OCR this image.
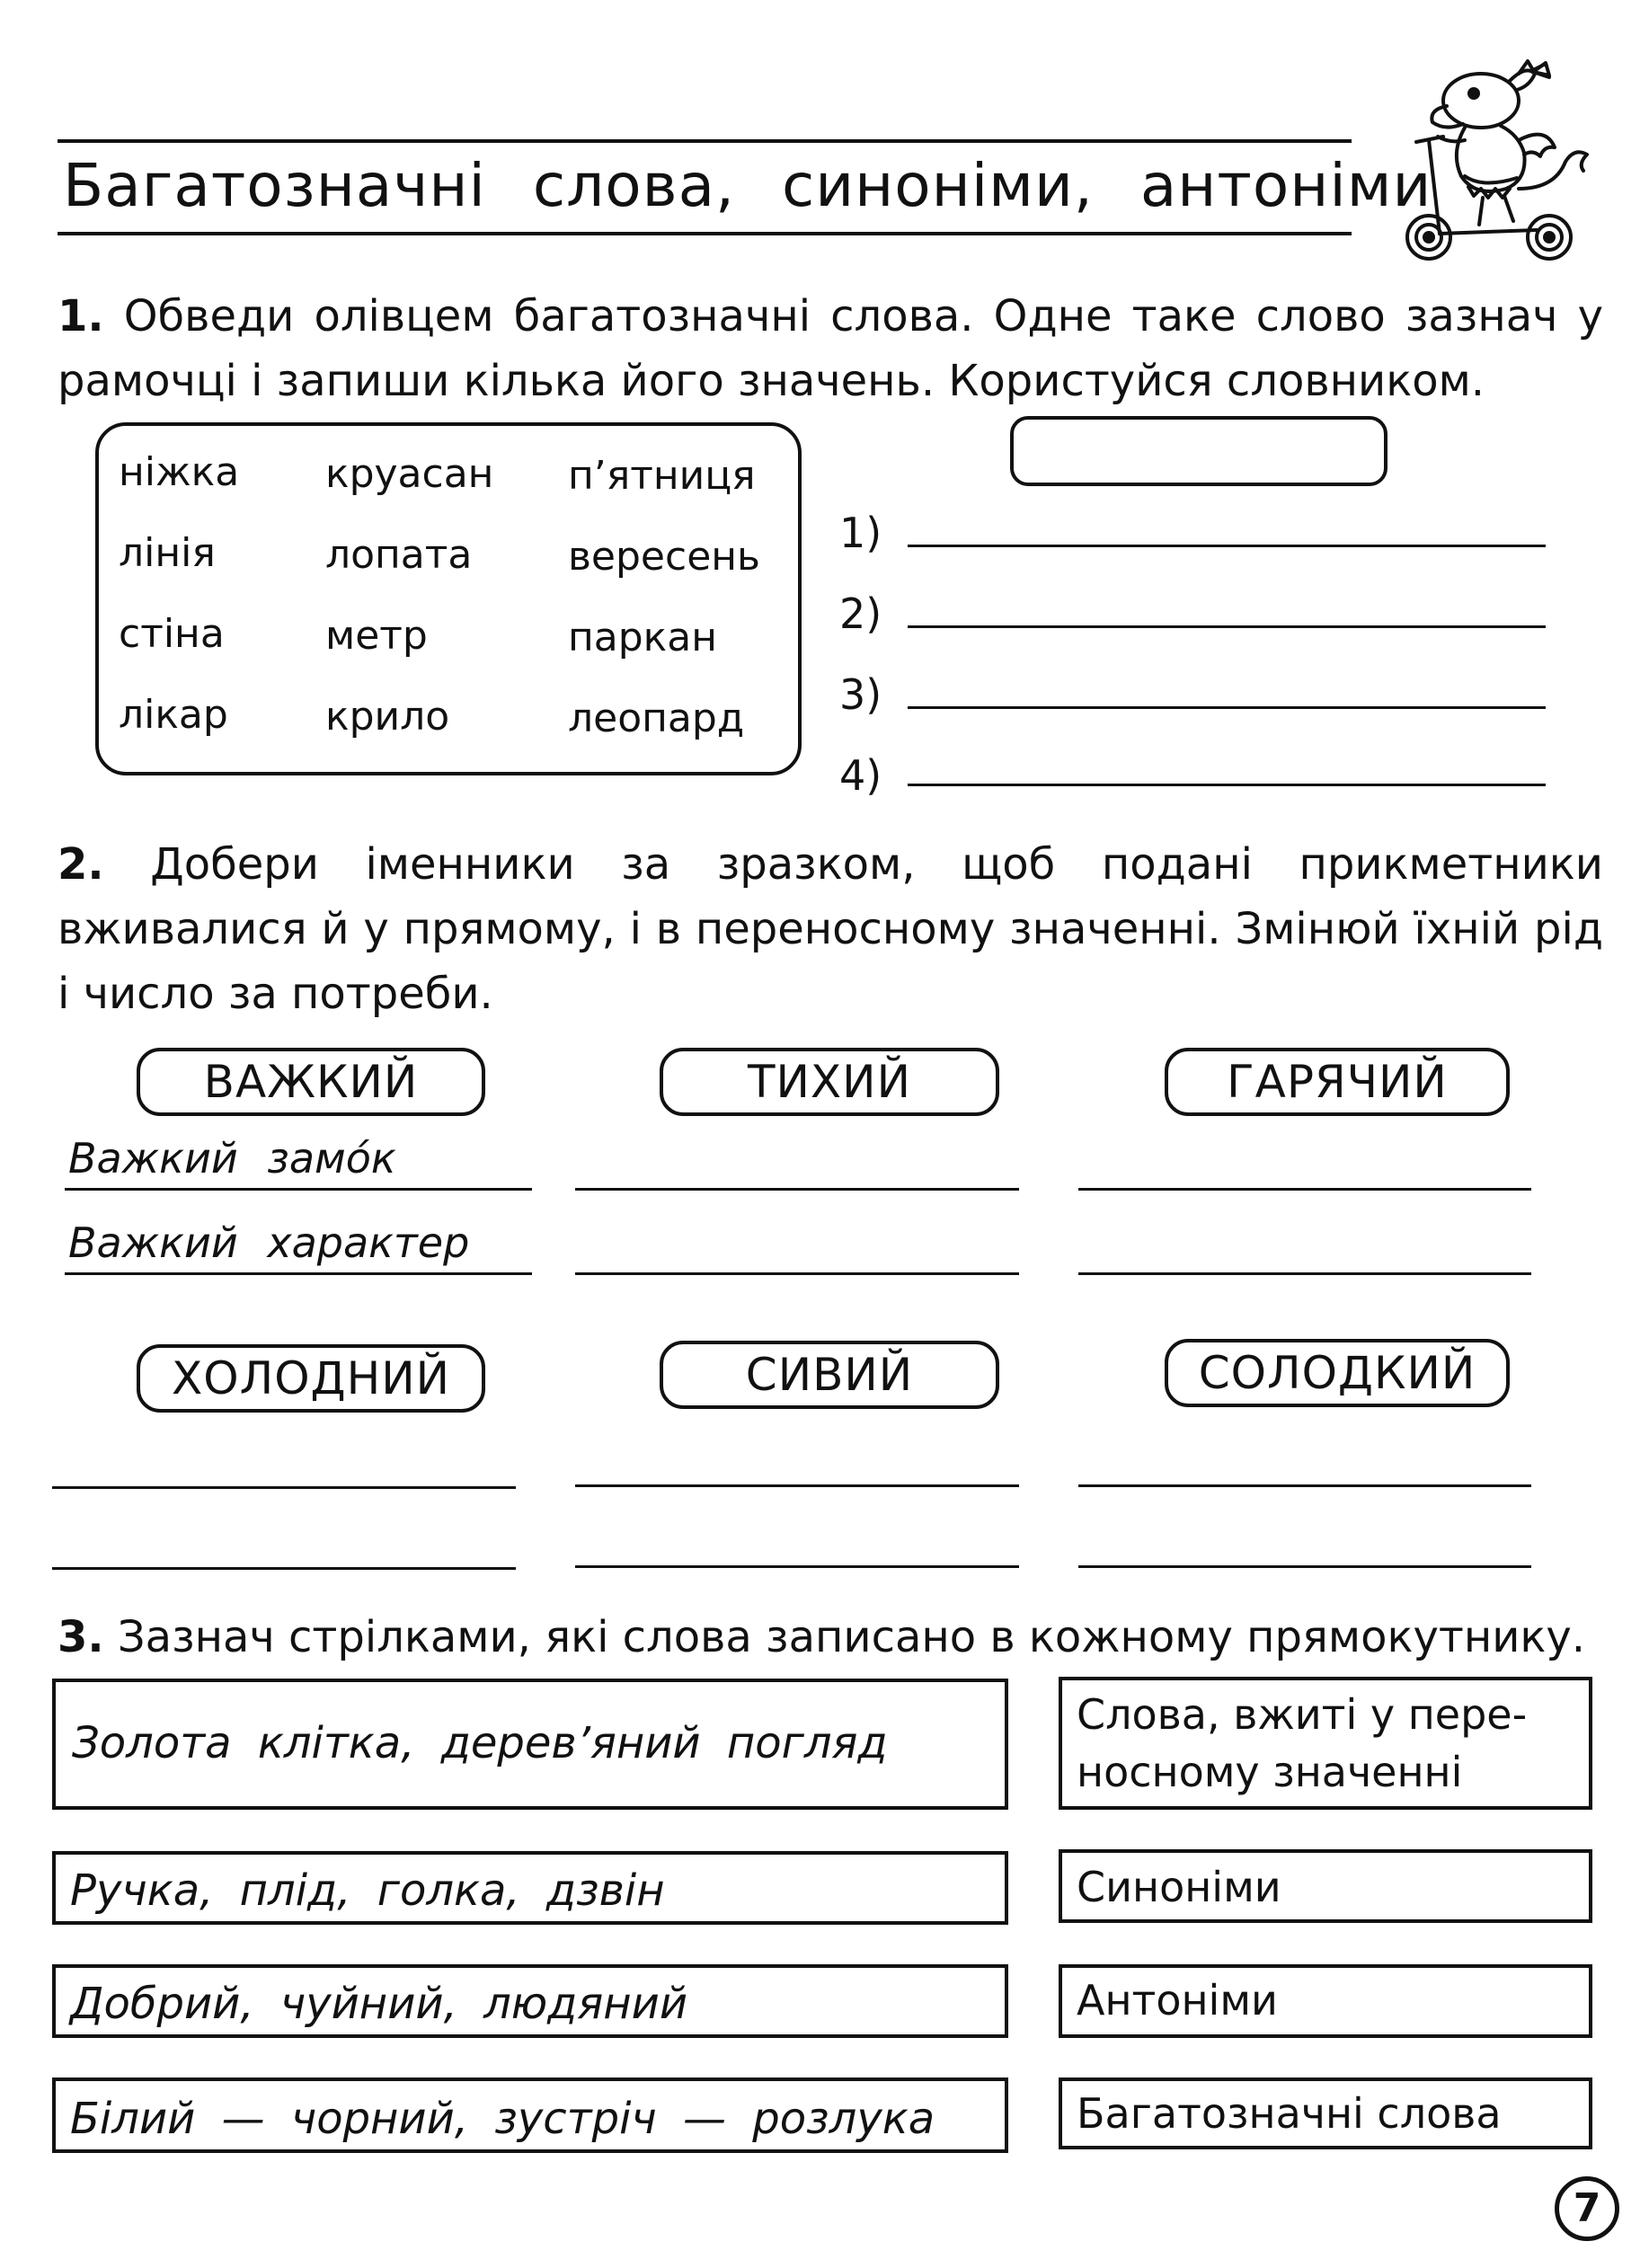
Багатозначні слова, синоніми, антоніми
1. Обведи олівцем багатозначні слова. Одне таке слово зазнач у рамочці і запиши кілька його значень. Користуйся словником.
ніжка круасан п’ятниця
лінія	лопата вересень
стіна	метр	паркан
лікар крило	леопард
1)
2)
3)
4)
2. Добери іменники за зразком, щоб подані прикметники вживалися й у прямому, і в переносному значенні. Змінюй їхній рід і число за потреби.
ВАЖКИЙ	ТИХИЙ	ГАРЯЧИЙ
Важкий замо́к
Важкий характер
ХОЛОДНИЙ	СИВИЙ	СОЛОДКИЙ
3. Зазнач стрілками, які слова записано в кожному прямокутнику.
Золота клітка, дерев’яний погляд
Ручка, плід, голка, дзвін
Добрий, чуйний, людяний
Білий — чорний, зустріч — розлука
Слова, вжиті у пере-носному значенні
Синоніми
Антоніми
Багатозначні слова
7
